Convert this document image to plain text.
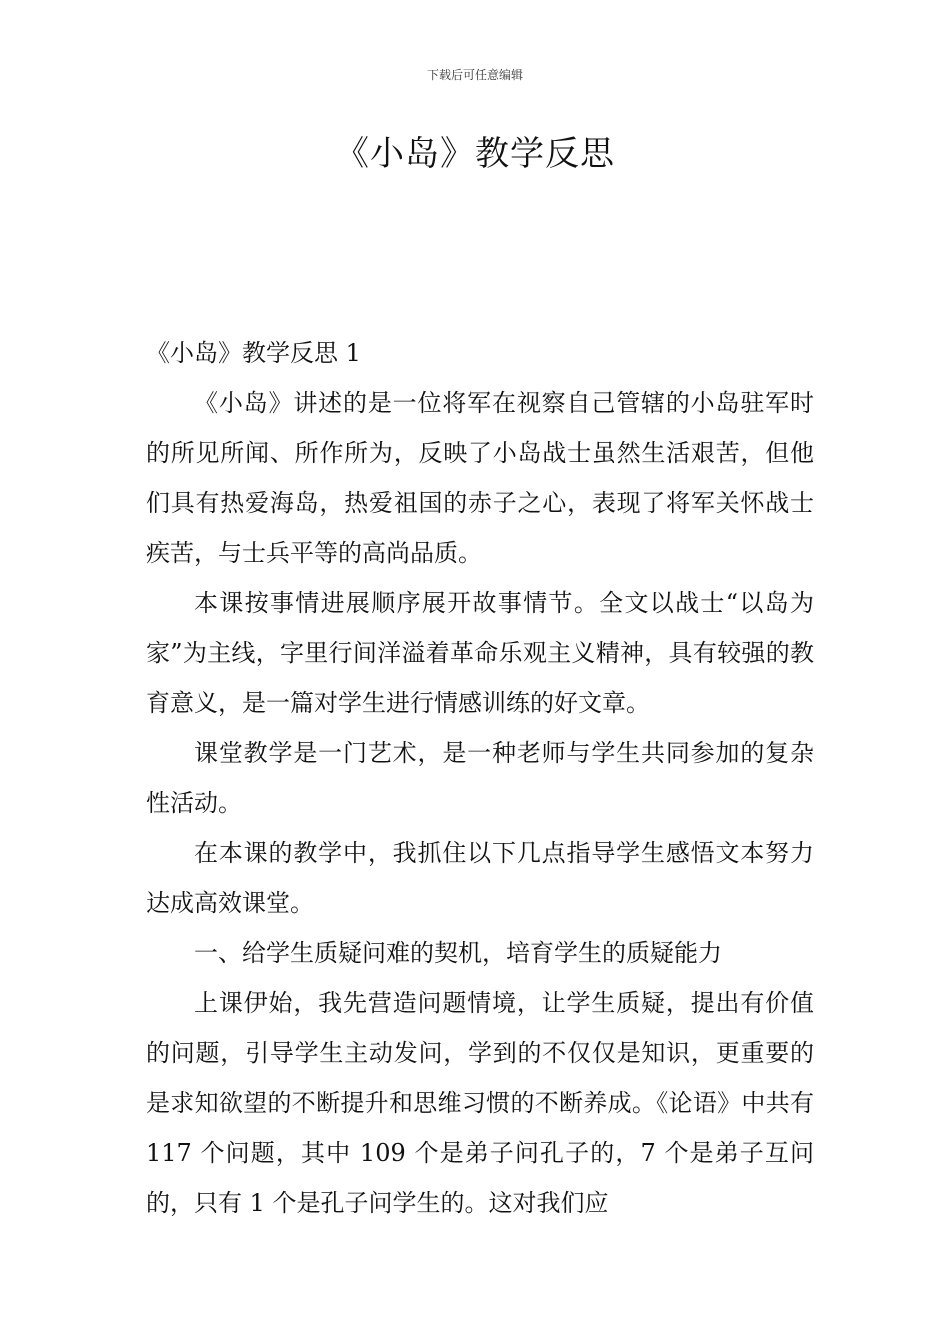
下载后可任意编辑
《小岛》教学反思
《小岛》教学反思 1

《小岛》讲述的是一位将军在视察自己管辖的小岛驻军时的所见所闻、所作所为，反映了小岛战士虽然生活艰苦，但他们具有热爱海岛，热爱祖国的赤子之心，表现了将军关怀战士疾苦，与士兵平等的高尚品质。

本课按事情进展顺序展开故事情节。全文以战士“以岛为家”为主线，字里行间洋溢着革命乐观主义精神，具有较强的教育意义，是一篇对学生进行情感训练的好文章。

课堂教学是一门艺术，是一种老师与学生共同参加的复杂性活动。

在本课的教学中，我抓住以下几点指导学生感悟文本努力达成高效课堂。

一、给学生质疑问难的契机，培育学生的质疑能力

上课伊始，我先营造问题情境，让学生质疑，提出有价值的问题，引导学生主动发问，学到的不仅仅是知识，更重要的是求知欲望的不断提升和思维习惯的不断养成。《论语》中共有 117 个问题，其中 109 个是弟子问孔子的，7 个是弟子互问的，只有 1 个是孔子问学生的。这对我们应
